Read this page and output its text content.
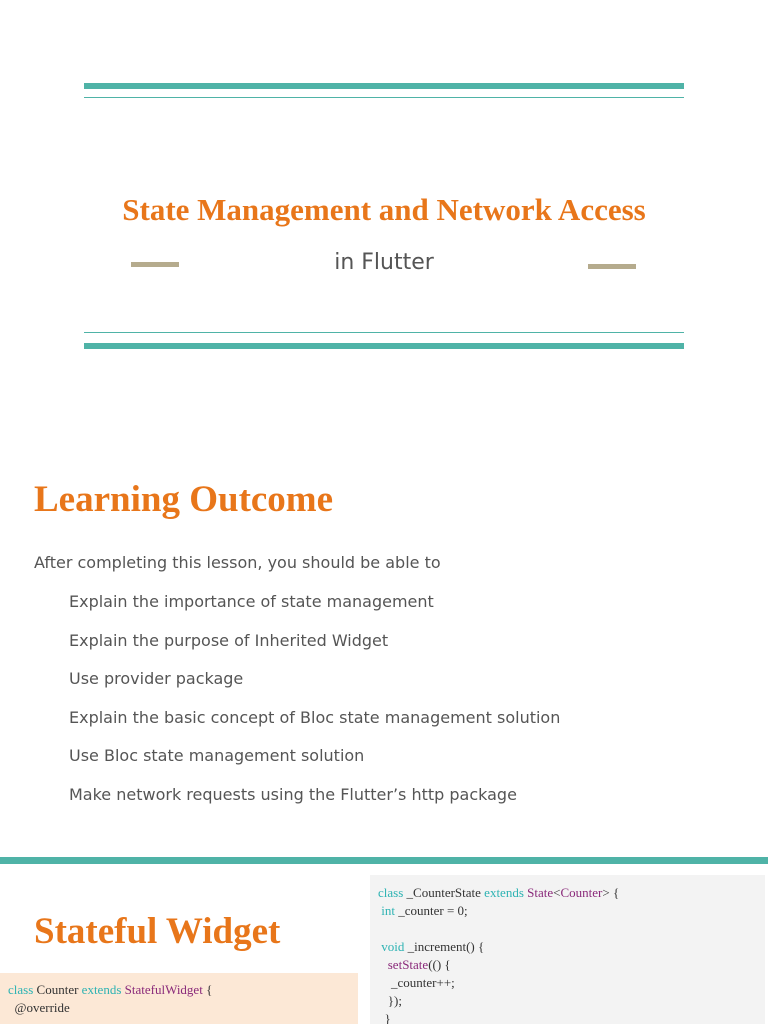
State Management and Network Access
in Flutter
Learning Outcome
After completing this lesson, you should be able to
Explain the importance of state management
Explain the purpose of Inherited Widget
Use provider package
Explain the basic concept of Bloc state management solution
Use Bloc state management solution
Make network requests using the Flutter’s http package
Stateful Widget
class Counter extends StatefulWidget {
@override
class _CounterState extends State<Counter> {
int _counter = 0;

void _increment() {
setState(() {
_counter++;
});
}
